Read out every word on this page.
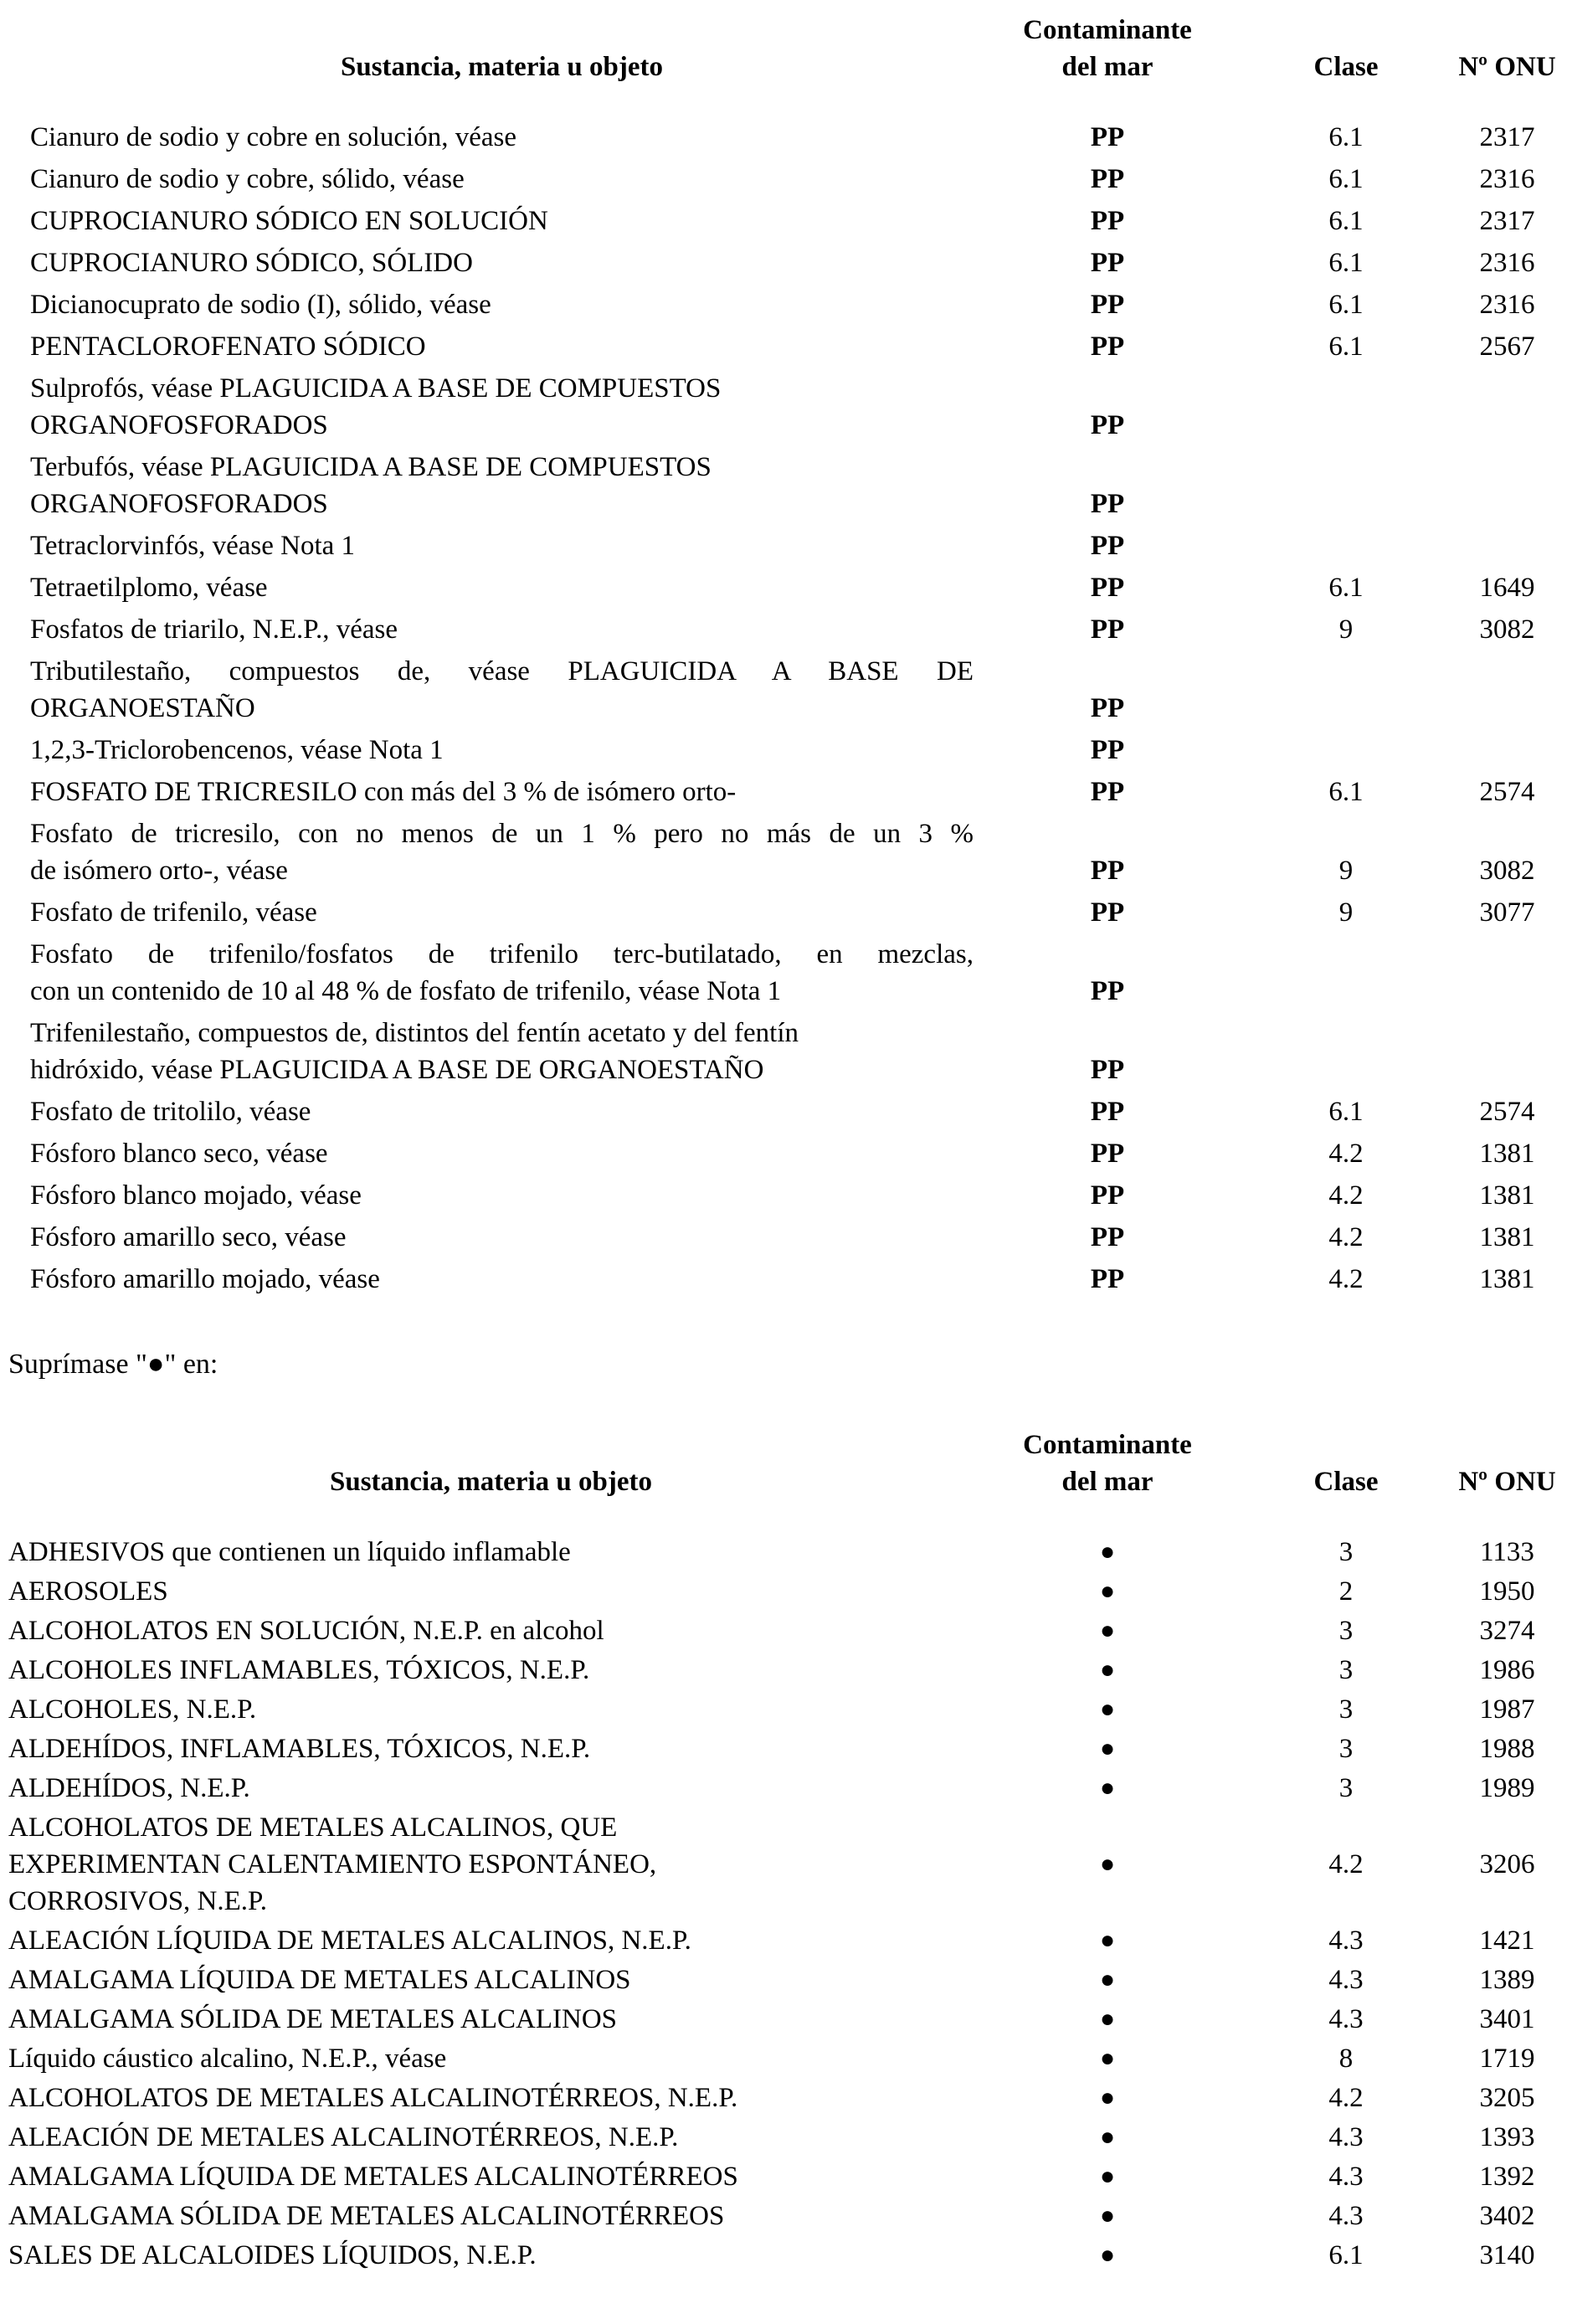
Sustancia, materia u objeto
Contaminante
del mar	Clase	Nº ONU
Cianuro de sodio y cobre en solución, véase	PP	6.1	2317
Cianuro de sodio y cobre, sólido, véase	PP	6.1	2316
CUPROCIANURO SÓDICO EN SOLUCIÓN	PP	6.1	2317
CUPROCIANURO SÓDICO, SÓLIDO	PP	6.1	2316
Dicianocuprato de sodio (I), sólido, véase	PP	6.1	2316
PENTACLOROFENATO SÓDICO	PP	6.1	2567
Sulprofós, véase PLAGUICIDA A BASE DE COMPUESTOS
ORGANOFOSFORADOS	PP
Terbufós, véase PLAGUICIDA A BASE DE COMPUESTOS
ORGANOFOSFORADOS	PP
Tetraclorvinfós, véase Nota 1	PP
Tetraetilplomo, véase	PP	6.1	1649
Fosfatos de triarilo, N.E.P., véase	PP	9	3082
Tributilestaño, compuestos de, véase PLAGUICIDA A BASE DE
ORGANOESTAÑO	PP
1,2,3-Triclorobencenos, véase Nota 1	PP
FOSFATO DE TRICRESILO con más del 3 % de isómero orto-	PP	6.1	2574
Fosfato de tricresilo, con no menos de un 1 % pero no más de un 3 %
de isómero orto-, véase	PP	9	3082
Fosfato de trifenilo, véase	PP	9	3077
Fosfato de trifenilo/fosfatos de trifenilo terc-butilatado, en mezclas,
con un contenido de 10 al 48 % de fosfato de trifenilo, véase Nota 1	PP
Trifenilestaño, compuestos de, distintos del fentín acetato y del fentín
hidróxido, véase PLAGUICIDA A BASE DE ORGANOESTAÑO	PP
Fosfato de tritolilo, véase	PP	6.1	2574
Fósforo blanco seco, véase	PP	4.2	1381
Fósforo blanco mojado, véase	PP	4.2	1381
Fósforo amarillo seco, véase	PP	4.2	1381
Fósforo amarillo mojado, véase	PP	4.2	1381
Suprímase "●" en:
Sustancia, materia u objeto
Contaminante
del mar	Clase	Nº ONU
ADHESIVOS que contienen un líquido inflamable	●	3	1133
AEROSOLES	●	2	1950
ALCOHOLATOS EN SOLUCIÓN, N.E.P. en alcohol	●	3	3274
ALCOHOLES INFLAMABLES, TÓXICOS, N.E.P.	●	3	1986
ALCOHOLES, N.E.P.	●	3	1987
ALDEHÍDOS, INFLAMABLES, TÓXICOS, N.E.P.	●	3	1988
ALDEHÍDOS, N.E.P.	●	3	1989
ALCOHOLATOS DE METALES ALCALINOS, QUE
EXPERIMENTAN CALENTAMIENTO ESPONTÁNEO,
CORROSIVOS, N.E.P.
●	4.2	3206
ALEACIÓN LÍQUIDA DE METALES ALCALINOS, N.E.P.	●	4.3	1421
AMALGAMA LÍQUIDA DE METALES ALCALINOS	●	4.3	1389
AMALGAMA SÓLIDA DE METALES ALCALINOS	●	4.3	3401
Líquido cáustico alcalino, N.E.P., véase	●	8	1719
ALCOHOLATOS DE METALES ALCALINOTÉRREOS, N.E.P.	●	4.2	3205
ALEACIÓN DE METALES ALCALINOTÉRREOS, N.E.P.	●	4.3	1393
AMALGAMA LÍQUIDA DE METALES ALCALINOTÉRREOS	●	4.3	1392
AMALGAMA SÓLIDA DE METALES ALCALINOTÉRREOS	●	4.3	3402
SALES DE ALCALOIDES LÍQUIDOS, N.E.P.	●	6.1	3140
